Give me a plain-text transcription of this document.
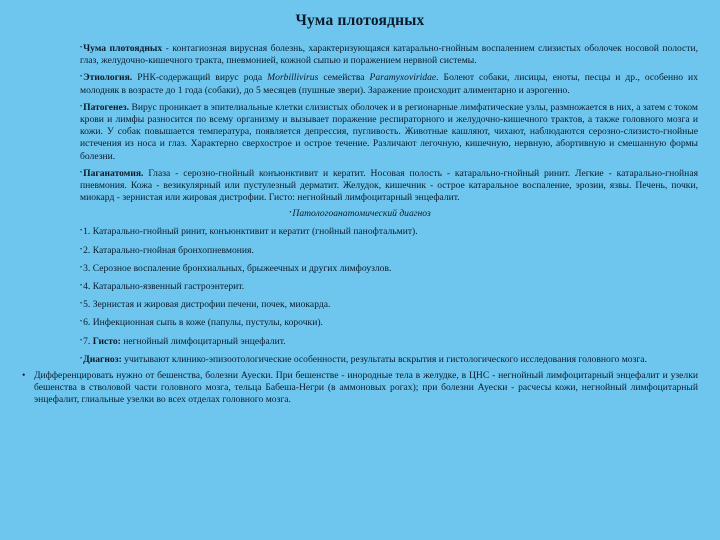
Чума плотоядных

• Чума плотоядных - контагиозная вирусная болезнь, характеризующаяся катарально-гнойным воспалением слизистых оболочек носовой полости, глаз, желудочно-кишечного тракта, пневмонией, кожной сыпью и поражением нервной системы.

• Этиология. РНК-содержащий вирус рода Morbillivirus семейства Paramyxoviridae. Болеют собаки, лисицы, еноты, песцы и др., особенно их молодняк в возрасте до 1 года (собаки), до 5 месяцев (пушные звери). Заражение происходит алиментарно и аэрогенно.

• Патогенез. Вирус проникает в эпителиальные клетки слизистых оболочек и в регионарные лимфатические узлы, размножается в них, а затем с током крови и лимфы разносится по всему организму и вызывает поражение респираторного и желудочно-кишечного трактов, а также головного мозга и кожи. У собак повышается температура, появляется депрессия, пугливость. Животные кашляют, чихают, наблюдаются серозно-слизисто-гнойные истечения из носа и глаз. Характерно сверхострое и острое течение. Различают легочную, кишечную, нервную, абортивную и смешанную формы болезни.

• Паганатомия. Глаза - серозно-гнойный конъюнктивит и кератит. Носовая полость - катарально-гнойный ринит. Легкие - катарально-гнойная пневмония. Кожа - везикулярный или пустулезный дерматит. Желудок, кишечник - острое катаральное воспаление, эрозии, язвы. Печень, почки, миокард - зернистая или жировая дистрофии. Гисто: негнойный лимфоцитарный энцефалит.

• Патологоанатомический диагноз
• 1. Катарально-гнойный ринит, конъюнктивит и кератит (гнойный панофтальмит).
• 2. Катарально-гнойная бронхопневмония.
• 3. Серозное воспаление бронхиальных, брыжеечных и других лимфоузлов.
• 4. Катарально-язвенный гастроэнтерит.
• 5. Зернистая и жировая дистрофии печени, почек, миокарда.
• 6. Инфекционная сыпь в коже (папулы, пустулы, корочки).
• 7. Гисто: негнойный лимфоцитарный энцефалит.

• Диагноз: учитывают клинико-эпизоотологические особенности, результаты вскрытия и гистологического исследования головного мозга.

• Дифференцировать нужно от бешенства, болезни Ауески. При бешенстве - инородные тела в желудке, в ЦНС - негнойный лимфоцитарный энцефалит и узелки бешенства в стволовой части головного мозга, тельца Бабеша-Негри (в аммоновых рогах); при болезни Ауески - расчесы кожи, негнойный лимфоцитарный энцефалит, глиальные узелки во всех отделах головного мозга.
